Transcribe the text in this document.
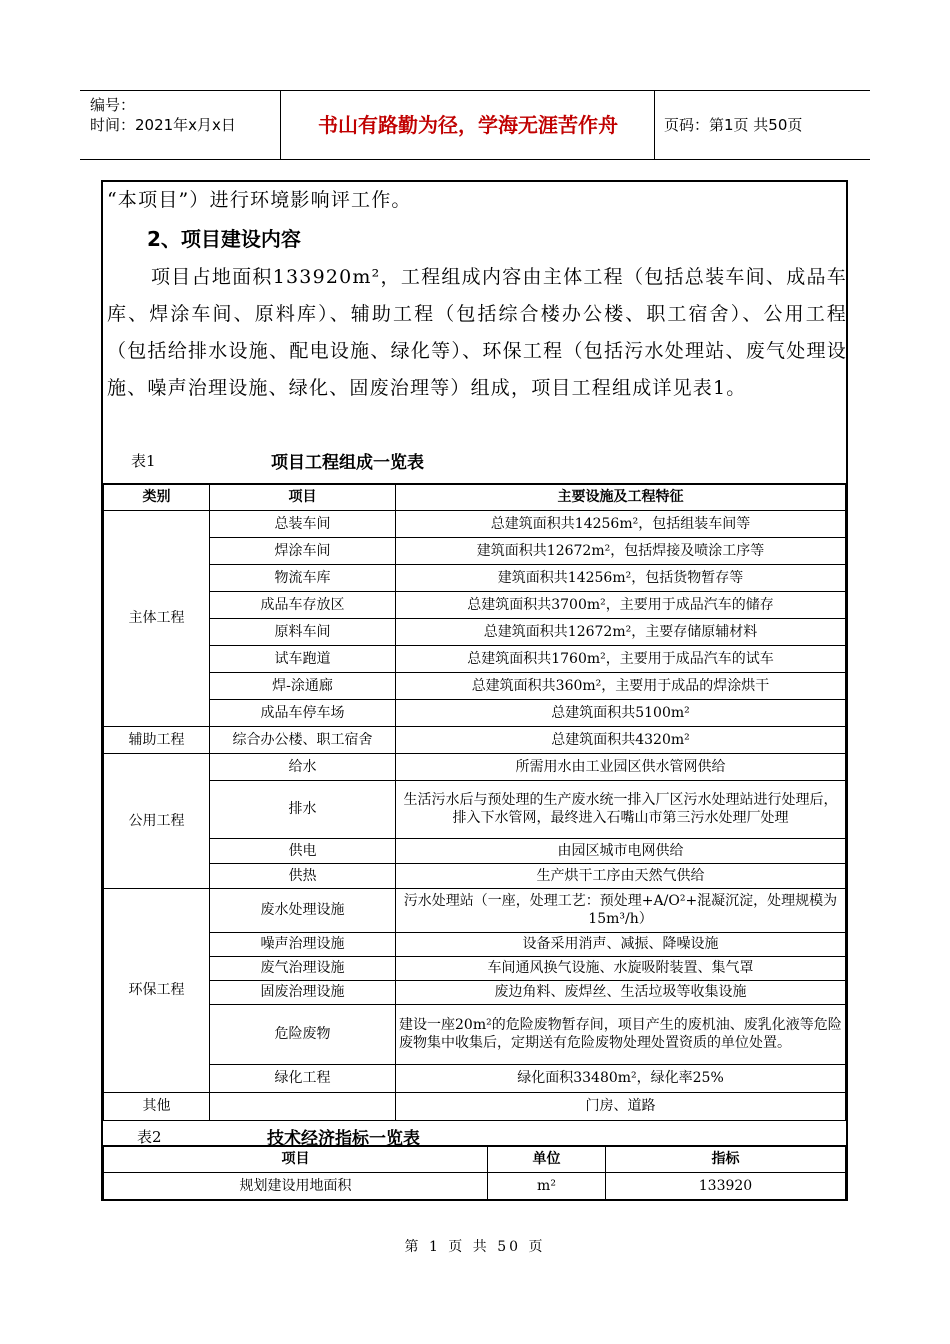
编号：
时间：2021年x月x日	书山有路勤为径，学海无涯苦作舟	页码：第1页 共50页
“本项目”）进行环境影响评工作。
2、项目建设内容
项目占地面积133920m²，工程组成内容由主体工程（包括总装车间、成品车库、焊涂车间、原料库）、辅助工程（包括综合楼办公楼、职工宿舍）、公用工程（包括给排水设施、配电设施、绿化等）、环保工程（包括污水处理站、废气处理设施、噪声治理设施、绿化、固废治理等）组成，项目工程组成详见表1。
表1	项目工程组成一览表
类别	项目	主要设施及工程特征
主体工程	总装车间	总建筑面积共14256m²，包括组装车间等
	焊涂车间	建筑面积共12672m²，包括焊接及喷涂工序等
	物流车库	建筑面积共14256m²，包括货物暂存等
	成品车存放区	总建筑面积共3700m²，主要用于成品汽车的储存
	原料车间	总建筑面积共12672m²，主要存储原辅材料
	试车跑道	总建筑面积共1760m²，主要用于成品汽车的试车
	焊-涂通廊	总建筑面积共360m²，主要用于成品的焊涂烘干
	成品车停车场	总建筑面积共5100m²
辅助工程	综合办公楼、职工宿舍	总建筑面积共4320m²
公用工程	给水	所需用水由工业园区供水管网供给
	排水	生活污水后与预处理的生产废水统一排入厂区污水处理站进行处理后，排入下水管网，最终进入石嘴山市第三污水处理厂处理
	供电	由园区城市电网供给
	供热	生产烘干工序由天然气供给
环保工程	废水处理设施	污水处理站（一座，处理工艺：预处理+A/O²+混凝沉淀，处理规模为15m³/h）
	噪声治理设施	设备采用消声、减振、降噪设施
	废气治理设施	车间通风换气设施、水旋吸附装置、集气罩
	固废治理设施	废边角料、废焊丝、生活垃圾等收集设施
	危险废物	建设一座20m²的危险废物暂存间，项目产生的废机油、废乳化液等危险废物集中收集后，定期送有危险废物处理处置资质的单位处置。
	绿化工程	绿化面积33480m²，绿化率25%
其他		门房、道路
表2	技术经济指标一览表
项目	单位	指标
规划建设用地面积	m²	133920
第 1 页 共 50 页
